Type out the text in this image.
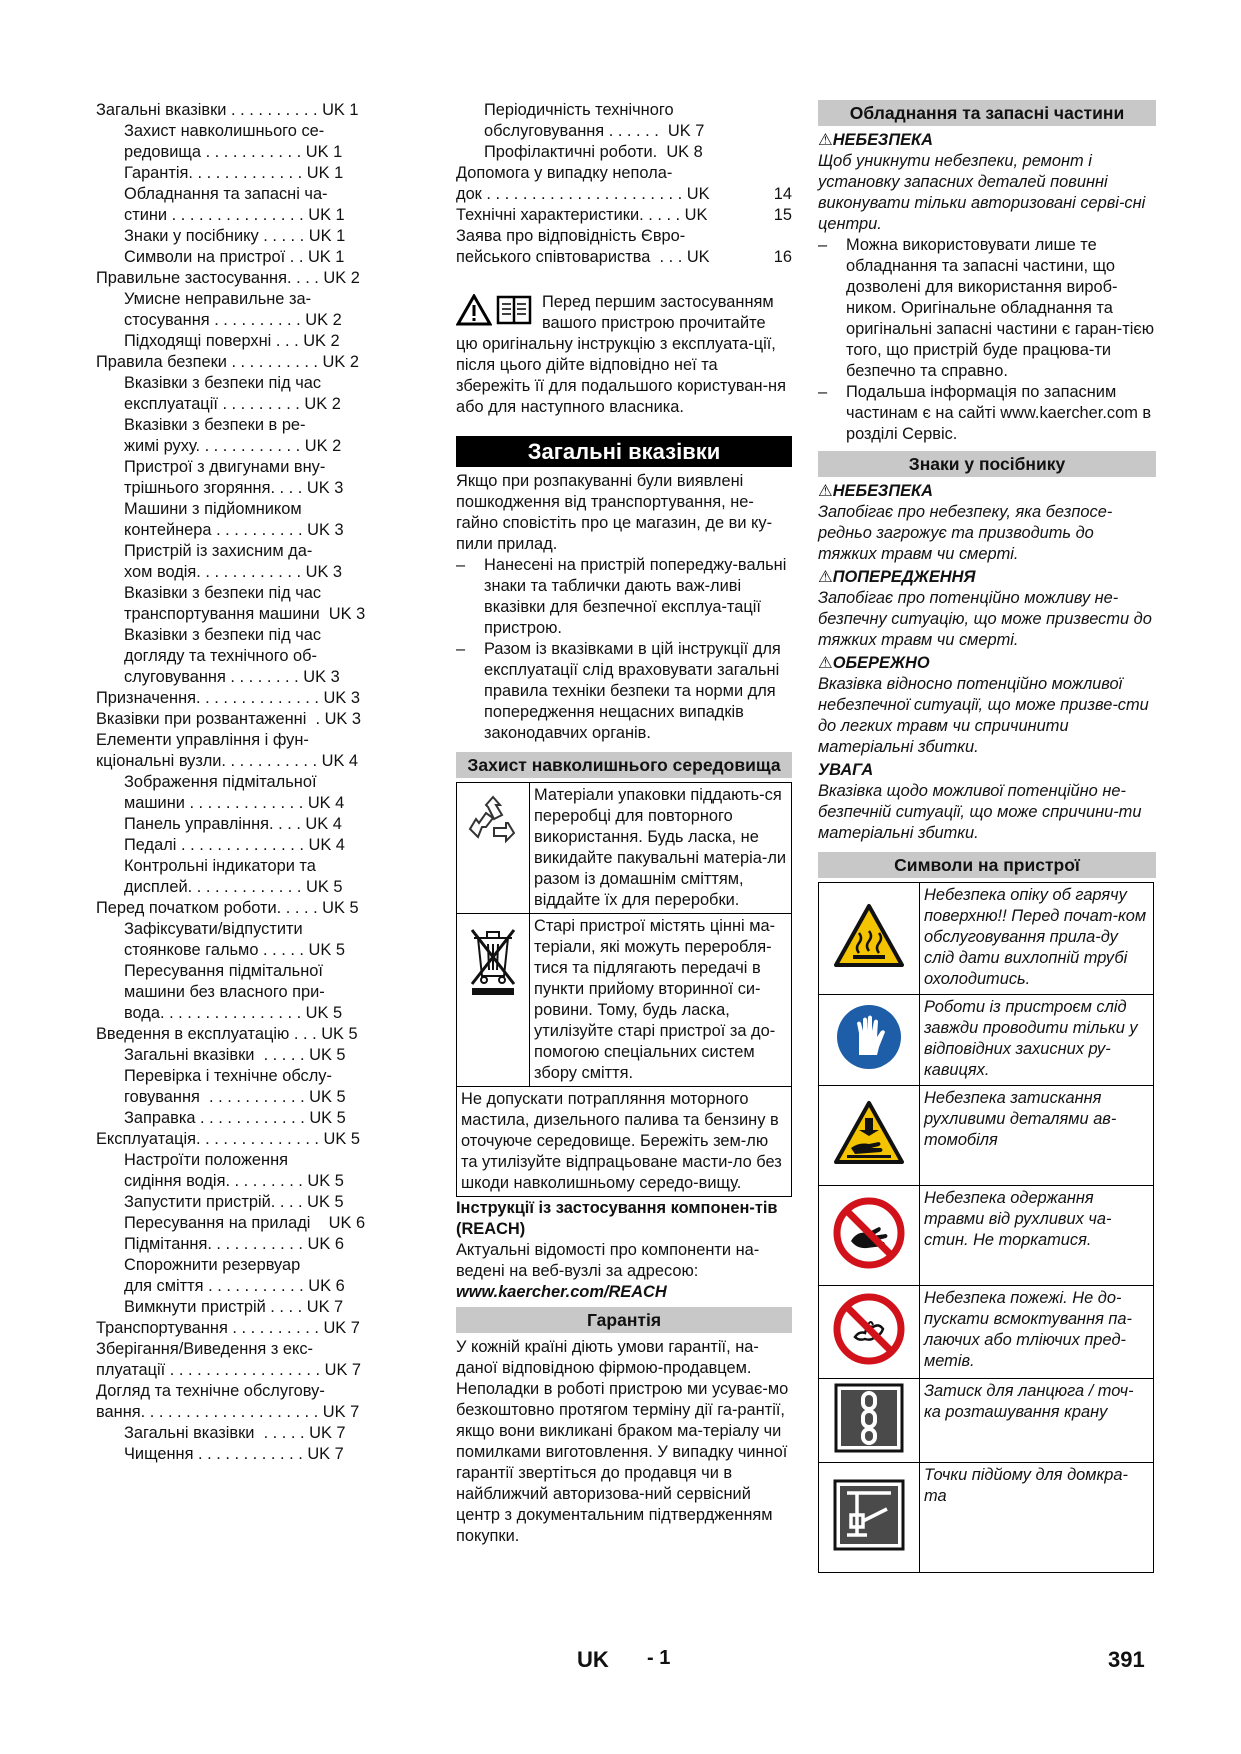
Загальні вказівки . . . . . . . . . . UK 1
Захист навколишнього се-
редовища . . . . . . . . . . . UK 1
Гарантія. . . . . . . . . . . . . UK 1
Обладнання та запасні ча-
стини . . . . . . . . . . . . . . . UK 1
Знаки у посібнику . . . . . UK 1
Символи на пристрої . . UK 1
Правильне застосування. . . . UK 2
Умисне неправильне за-
стосування . . . . . . . . . . UK 2
Підходящі поверхні . . . UK 2
Правила безпеки . . . . . . . . . . UK 2
Вказівки з безпеки під час
експлуатації . . . . . . . . . UK 2
Вказівки з безпеки в ре-
жимі руху. . . . . . . . . . . . UK 2
Пристрої з двигунами вну-
трішнього згоряння. . . . UK 3
Машини з підйомником
контейнера . . . . . . . . . . UK 3
Пристрій із захисним да-
хом водія. . . . . . . . . . . . UK 3
Вказівки з безпеки під час
транспортування машини  UK 3
Вказівки з безпеки під час
догляду та технічного об-
слуговування . . . . . . . . UK 3
Призначення. . . . . . . . . . . . . . UK 3
Вказівки при розвантаженні  . UK 3
Елементи управління і фун-
кціональні вузли. . . . . . . . . . . UK 4
Зображення підмітальної
машини . . . . . . . . . . . . . UK 4
Панель управління. . . . UK 4
Педалі . . . . . . . . . . . . . . UK 4
Контрольні індикатори та
дисплей. . . . . . . . . . . . . UK 5
Перед початком роботи. . . . . UK 5
Зафіксувати/відпустити
стоянкове гальмо . . . . . UK 5
Пересування підмітальної
машини без власного при-
вода. . . . . . . . . . . . . . . . UK 5
Введення в експлуатацію . . . UK 5
Загальні вказівки  . . . . . UK 5
Перевірка і технічне обслу-
говування  . . . . . . . . . . . UK 5
Заправка . . . . . . . . . . . . UK 5
Експлуатація. . . . . . . . . . . . . . UK 5
Настроїти положення
сидіння водія. . . . . . . . . UK 5
Запустити пристрій. . . . UK 5
Пересування на приладі    UK 6
Підмітання. . . . . . . . . . . UK 6
Спорожнити резервуар
для сміття . . . . . . . . . . . UK 6
Вимкнути пристрій . . . . UK 7
Транспортування . . . . . . . . . . UK 7
Зберігання/Виведення з екс-
плуатації . . . . . . . . . . . . . . . . . UK 7
Догляд та технічне обслугову-
вання. . . . . . . . . . . . . . . . . . . . UK 7
Загальні вказівки  . . . . . UK 7
Чищення . . . . . . . . . . . . UK 7
Періодичність технічного
обслуговування . . . . . .  UK 7
Профілактичні роботи.  UK 8
Допомога у випадку непола-
док . . . . . . . . . . . . . . . . . . . . . . UK	14
Технічні характеристики. . . . . UK	15
Заява про відповідність Євро-
пейського співтовариства  . . . UK	16
Перед першим застосуванням
вашого пристрою прочитайте

цю оригінальну інструкцію з експлуата-ції, після цього дійте відповідно неї та збережіть її для подальшого користуван-ня або для наступного власника.

Загальні вказівки

Якщо при розпакуванні були виявлені пошкодження від транспортування, не-гайно сповістіть про це магазин, де ви ку-пили прилад.

– Нанесені на пристрій попереджу-вальні знаки та таблички дають важ-ливі вказівки для безпечної експлуа-тації пристрою.
– Разом із вказівками в цій інструкції для експлуатації слід враховувати загальні правила техніки безпеки та норми для попередження нещасних випадків законодавчих органів.
Захист навколишнього середовища
	Матеріали упаковки піддають-ся переробці для повторного використання. Будь ласка, не викидайте пакувальні матеріа-ли разом із домашнім сміттям, віддайте їх для переробки.
	Старі пристрої містять цінні ма-теріали, які можуть переробля-тися та підлягають передачі в пункти прийому вторинної си-ровини. Тому, будь ласка, утилізуйте старі пристрої за до-помогою спеціальних систем збору сміття.
Не допускати потрапляння моторного мастила, дизельного палива та бензину в оточуюче середовище. Бережіть зем-лю та утилізуйте відпрацьоване масти-ло без шкоди навколишньому середо-вищу.	
Інструкції із застосування компонен-тів (REACH)

Актуальні відомості про компоненти на-ведені на веб-вузлі за адресою:

www.kaercher.com/REACH
Гарантія

У кожній країні діють умови гарантії, на-даної відповідною фірмою-продавцем. Неполадки в роботі пристрою ми усуває-мо безкоштовно протягом терміну дії га-рантії, якщо вони викликані браком ма-теріалу чи помилками виготовлення. У випадку чинної гарантії звертіться до продавця чи в найближчий авторизова-ний сервісний центр з документальним підтвердженням покупки.

Обладнання та запасні частини
⚠НЕБЕЗПЕКА

Щоб уникнути небезпеки, ремонт і установку запасних деталей повинні виконувати тільки авторизовані серві-сні центри.

– Можна використовувати лише те обладнання та запасні частини, що дозволені для використання вироб-ником. Оригінальне обладнання та оригінальні запасні частини є гаран-тією того, що пристрій буде працюва-ти безпечно та справно.
– Подальша інформація по запасним частинам є на сайті www.kaercher.com в розділі Сервіс.
Знаки у посібнику
⚠НЕБЕЗПЕКА

Запобігає про небезпеку, яка безпосе-редньо загрожує та призводить до тяжких травм чи смерті.

⚠ПОПЕРЕДЖЕННЯ

Запобігає про потенційно можливу не-безпечну ситуацію, що може призвести до тяжких травм чи смерті.

⚠ОБЕРЕЖНО

Вказівка відносно потенційно можливої небезпечної ситуації, що може призве-сти до легких травм чи спричинити матеріальні збитки.

УВАГА

Вказівка щодо можливої потенційно не-безпечній ситуації, що може спричини-ти матеріальні збитки.

Символи на пристрої
	Небезпека опіку об гарячу поверхню!! Перед почат-ком обслуговування прила-ду слід дати вихлопній трубі охолодитись.
	Роботи із пристроєм слід завжди проводити тільки у відповідних захисних ру-кавицях.
	Небезпека затискання рухливими деталями ав-томобіля
	Небезпека одержання травми від рухливих ча-стин. Не торкатися.
	Небезпека пожежі. Не до-пускати всмоктування па-лаючих або тліючих пред-метів.
	Затиск для ланцюга / точ-ка розташування крану
	Точки підйому для домкра-та
UK - 1	391
